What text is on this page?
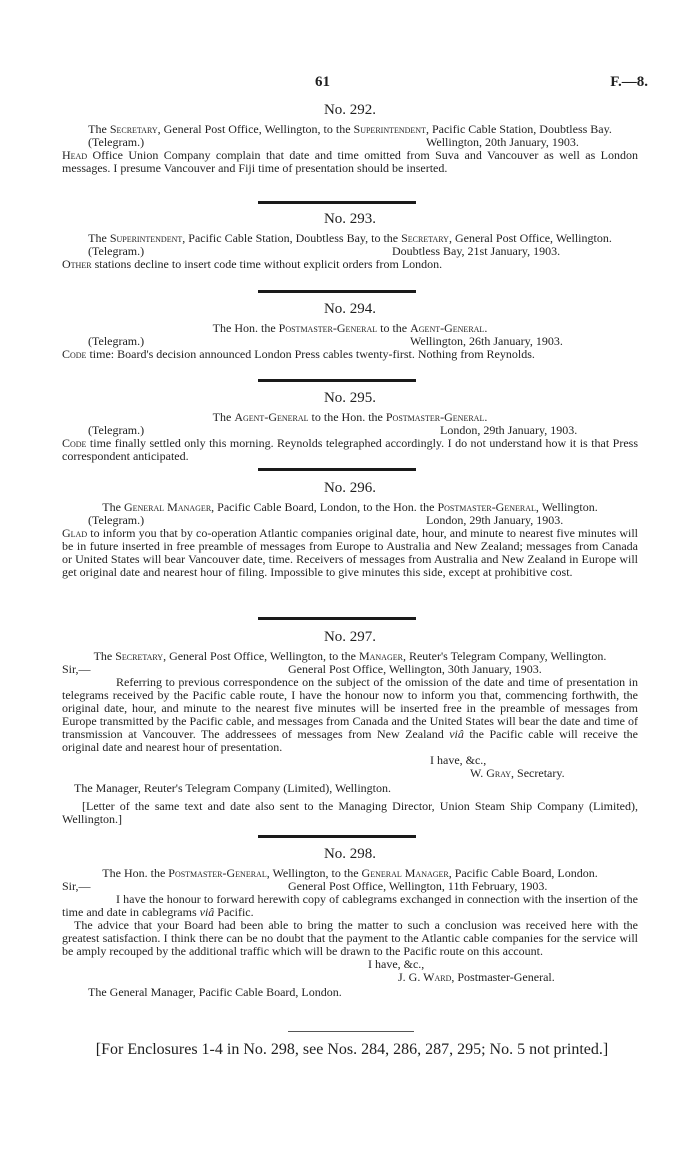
61	F.—8.
No. 292.
The Secretary, General Post Office, Wellington, to the Superintendent, Pacific Cable Station, Doubtless Bay.
(Telegram.)	Wellington, 20th January, 1903.

Head Office Union Company complain that date and time omitted from Suva and Vancouver as well as London messages. I presume Vancouver and Fiji time of presentation should be inserted.

No. 293.
The Superintendent, Pacific Cable Station, Doubtless Bay, to the Secretary, General Post Office, Wellington.
(Telegram.)	Doubtless Bay, 21st January, 1903.

Other stations decline to insert code time without explicit orders from London.

No. 294.
The Hon. the Postmaster-General to the Agent-General.
(Telegram.)	Wellington, 26th January, 1903.

Code time: Board's decision announced London Press cables twenty-first. Nothing from Reynolds.

No. 295.
The Agent-General to the Hon. the Postmaster-General.
(Telegram.)	London, 29th January, 1903.

Code time finally settled only this morning. Reynolds telegraphed accordingly. I do not understand how it is that Press correspondent anticipated.

No. 296.
The General Manager, Pacific Cable Board, London, to the Hon. the Postmaster-General, Wellington.
(Telegram.)	London, 29th January, 1903.

Glad to inform you that by co-operation Atlantic companies original date, hour, and minute to nearest five minutes will be in future inserted in free preamble of messages from Europe to Australia and New Zealand; messages from Canada or United States will bear Vancouver date, time. Receivers of messages from Australia and New Zealand in Europe will get original date and nearest hour of filing. Impossible to give minutes this side, except at prohibitive cost.

No. 297.
The Secretary, General Post Office, Wellington, to the Manager, Reuter's Telegram Company, Wellington.
Sir,—	General Post Office, Wellington, 30th January, 1903.

Referring to previous correspondence on the subject of the omission of the date and time of presentation in telegrams received by the Pacific cable route, I have the honour now to inform you that, commencing forthwith, the original date, hour, and minute to the nearest five minutes will be inserted free in the preamble of messages from Europe transmitted by the Pacific cable, and messages from Canada and the United States will bear the date and time of transmission at Vancouver. The addressees of messages from New Zealand viâ the Pacific cable will receive the original date and nearest hour of presentation.

I have, &c.,
W. Gray, Secretary.

The Manager, Reuter's Telegram Company (Limited), Wellington.

[Letter of the same text and date also sent to the Managing Director, Union Steam Ship Company (Limited), Wellington.]

No. 298.
The Hon. the Postmaster-General, Wellington, to the General Manager, Pacific Cable Board, London.
Sir,—	General Post Office, Wellington, 11th February, 1903.

I have the honour to forward herewith copy of cablegrams exchanged in connection with the insertion of the time and date in cablegrams viâ Pacific.

The advice that your Board had been able to bring the matter to such a conclusion was received here with the greatest satisfaction. I think there can be no doubt that the payment to the Atlantic cable companies for the service will be amply recouped by the additional traffic which will be drawn to the Pacific route on this account.

I have, &c.,
J. G. Ward, Postmaster-General.

The General Manager, Pacific Cable Board, London.

[For Enclosures 1-4 in No. 298, see Nos. 284, 286, 287, 295; No. 5 not printed.]
